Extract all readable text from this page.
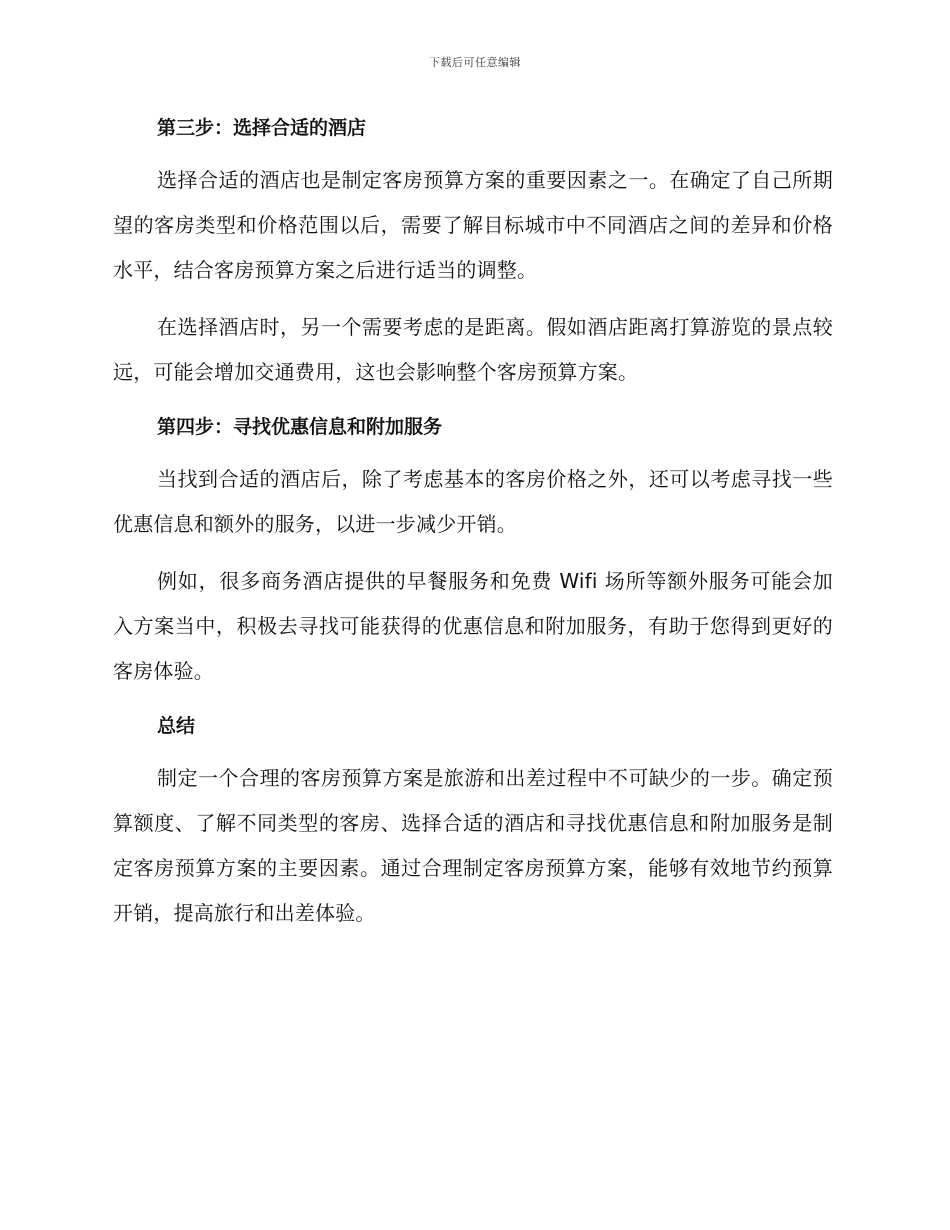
下载后可任意编辑
第三步：选择合适的酒店

选择合适的酒店也是制定客房预算方案的重要因素之一。在确定了自己所期望的客房类型和价格范围以后，需要了解目标城市中不同酒店之间的差异和价格水平，结合客房预算方案之后进行适当的调整。

在选择酒店时，另一个需要考虑的是距离。假如酒店距离打算游览的景点较远，可能会增加交通费用，这也会影响整个客房预算方案。

第四步：寻找优惠信息和附加服务

当找到合适的酒店后，除了考虑基本的客房价格之外，还可以考虑寻找一些优惠信息和额外的服务，以进一步减少开销。

例如，很多商务酒店提供的早餐服务和免费 Wifi 场所等额外服务可能会加入方案当中，积极去寻找可能获得的优惠信息和附加服务，有助于您得到更好的客房体验。

总结

制定一个合理的客房预算方案是旅游和出差过程中不可缺少的一步。确定预算额度、了解不同类型的客房、选择合适的酒店和寻找优惠信息和附加服务是制定客房预算方案的主要因素。通过合理制定客房预算方案，能够有效地节约预算开销，提高旅行和出差体验。
